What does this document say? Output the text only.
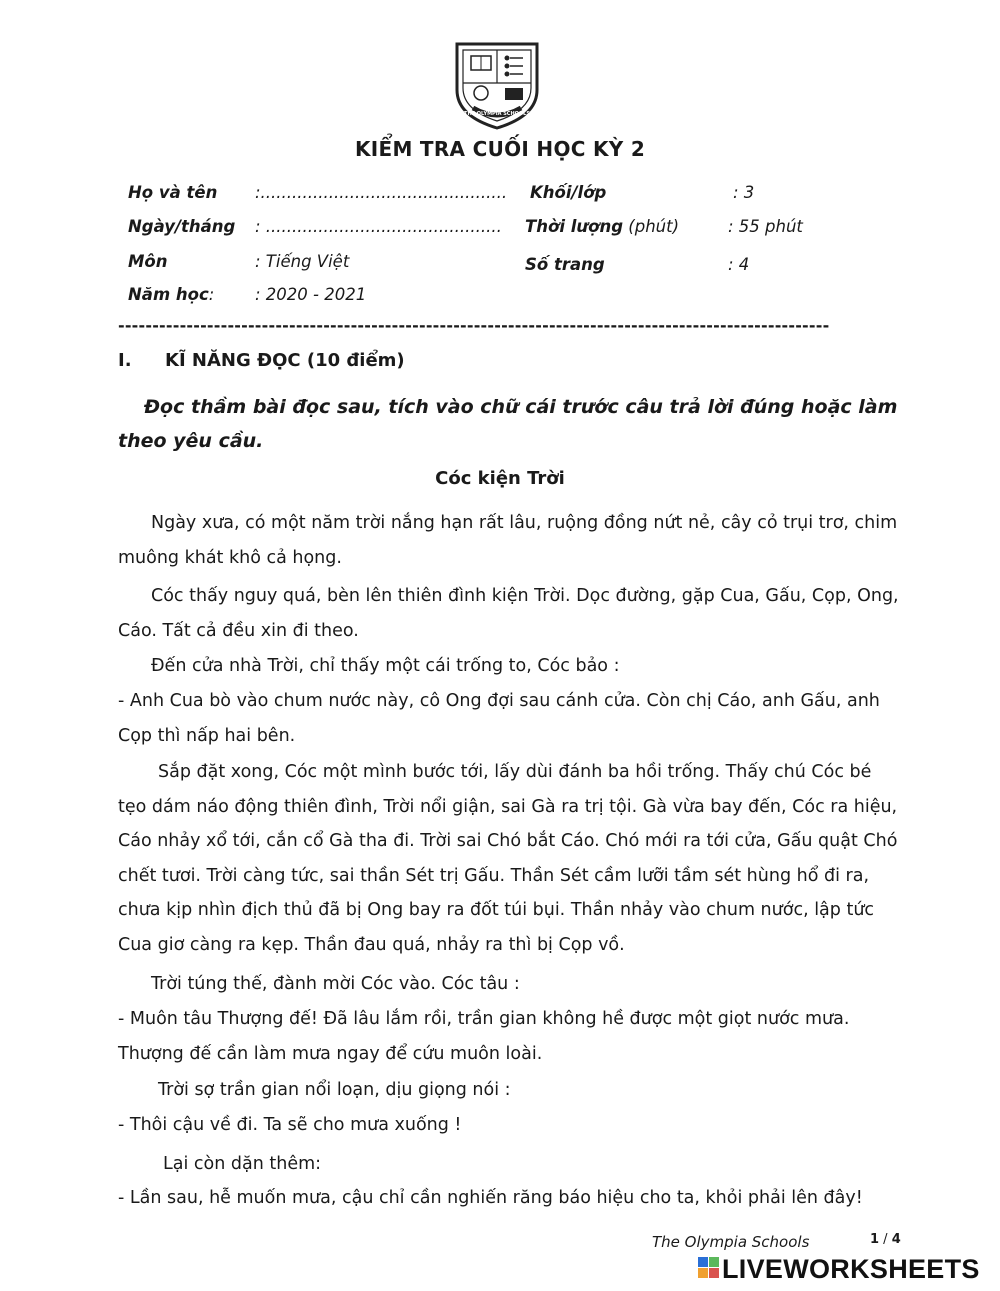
THE OLYMPIA SCHOOLS
KIỂM TRA CUỐI HỌC KỲ 2
Họ và tên :............................................... Khối/lớp	: 3
Ngày/tháng : ............................................. Thời lượng (phút)	: 55 phút
Môn	: Tiếng Việt	Số trang	: 4
Năm học: : 2020 - 2021
--------------------------------------------------------------------------------------------------------
I. KĨ NĂNG ĐỌC (10 điểm)
Đọc thầm bài đọc sau, tích vào chữ cái trước câu trả lời đúng hoặc làm theo yêu cầu.
Cóc kiện Trời
Ngày xưa, có một năm trời nắng hạn rất lâu, ruộng đồng nứt nẻ, cây cỏ trụi trơ, chim muông khát khô cả họng.
Cóc thấy nguy quá, bèn lên thiên đình kiện Trời. Dọc đường, gặp Cua, Gấu, Cọp, Ong, Cáo. Tất cả đều xin đi theo.
Đến cửa nhà Trời, chỉ thấy một cái trống to, Cóc bảo :
- Anh Cua bò vào chum nước này, cô Ong đợi sau cánh cửa. Còn chị Cáo, anh Gấu, anh Cọp thì nấp hai bên.
Sắp đặt xong, Cóc một mình bước tới, lấy dùi đánh ba hồi trống. Thấy chú Cóc bé tẹo dám náo động thiên đình, Trời nổi giận, sai Gà ra trị tội. Gà vừa bay đến, Cóc ra hiệu, Cáo nhảy xổ tới, cắn cổ Gà tha đi. Trời sai Chó bắt Cáo. Chó mới ra tới cửa, Gấu quật Chó chết tươi. Trời càng tức, sai thần Sét trị Gấu. Thần Sét cầm lưỡi tầm sét hùng hổ đi ra, chưa kịp nhìn địch thủ đã bị Ong bay ra đốt túi bụi. Thần nhảy vào chum nước, lập tức Cua giơ càng ra kẹp. Thần đau quá, nhảy ra thì bị Cọp vồ.
Trời túng thế, đành mời Cóc vào. Cóc tâu :
- Muôn tâu Thượng đế! Đã lâu lắm rồi, trần gian không hề được một giọt nước mưa. Thượng đế cần làm mưa ngay để cứu muôn loài.
Trời sợ trần gian nổi loạn, dịu giọng nói :
- Thôi cậu về đi. Ta sẽ cho mưa xuống !
Lại còn dặn thêm:
- Lần sau, hễ muốn mưa, cậu chỉ cần nghiến răng báo hiệu cho ta, khỏi phải lên đây!
The Olympia Schools	1 / 4
LIVEWORKSHEETS
